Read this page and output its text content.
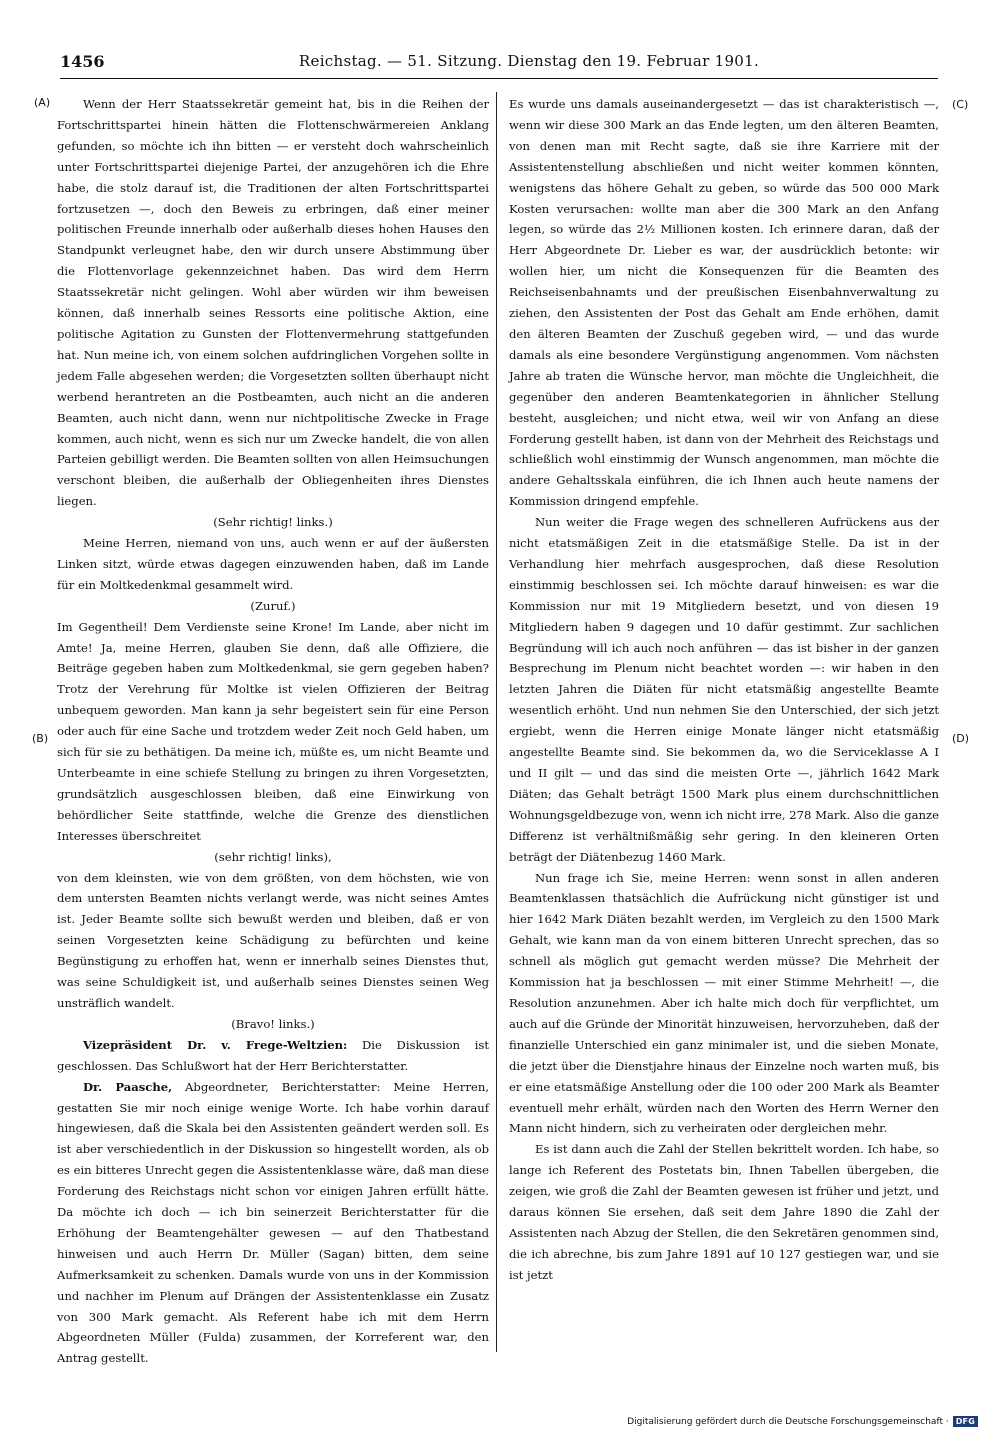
1456	Reichstag. — 51. Sitzung. Dienstag den 19. Februar 1901.
(A)
(B)
(C)
(D)

Wenn der Herr Staatssekretär gemeint hat, bis in die Reihen der Fortschrittspartei hinein hätten die Flottenschwärmereien Anklang gefunden, so möchte ich ihn bitten — er versteht doch wahrscheinlich unter Fortschrittspartei diejenige Partei, der anzugehören ich die Ehre habe, die stolz darauf ist, die Traditionen der alten Fortschrittspartei fortzusetzen —, doch den Beweis zu erbringen, daß einer meiner politischen Freunde innerhalb oder außerhalb dieses hohen Hauses den Standpunkt verleugnet habe, den wir durch unsere Abstimmung über die Flottenvorlage gekennzeichnet haben. Das wird dem Herrn Staatssekretär nicht gelingen. Wohl aber würden wir ihm beweisen können, daß innerhalb seines Ressorts eine politische Aktion, eine politische Agitation zu Gunsten der Flottenvermehrung stattgefunden hat. Nun meine ich, von einem solchen aufdringlichen Vorgehen sollte in jedem Falle abgesehen werden; die Vorgesetzten sollten überhaupt nicht werbend herantreten an die Postbeamten, auch nicht an die anderen Beamten, auch nicht dann, wenn nur nichtpolitische Zwecke in Frage kommen, auch nicht, wenn es sich nur um Zwecke handelt, die von allen Parteien gebilligt werden. Die Beamten sollten von allen Heimsuchungen verschont bleiben, die außerhalb der Obliegenheiten ihres Dienstes liegen.

(Sehr richtig! links.)

Meine Herren, niemand von uns, auch wenn er auf der äußersten Linken sitzt, würde etwas dagegen einzuwenden haben, daß im Lande für ein Moltkedenkmal gesammelt wird.

(Zuruf.)

Im Gegentheil! Dem Verdienste seine Krone! Im Lande, aber nicht im Amte! Ja, meine Herren, glauben Sie denn, daß alle Offiziere, die Beiträge gegeben haben zum Moltkedenkmal, sie gern gegeben haben? Trotz der Verehrung für Moltke ist vielen Offizieren der Beitrag unbequem geworden. Man kann ja sehr begeistert sein für eine Person oder auch für eine Sache und trotzdem weder Zeit noch Geld haben, um sich für sie zu bethätigen. Da meine ich, müßte es, um nicht Beamte und Unterbeamte in eine schiefe Stellung zu bringen zu ihren Vorgesetzten, grundsätzlich ausgeschlossen bleiben, daß eine Einwirkung von behördlicher Seite stattfinde, welche die Grenze des dienstlichen Interesses überschreitet

(sehr richtig! links),

von dem kleinsten, wie von dem größten, von dem höchsten, wie von dem untersten Beamten nichts verlangt werde, was nicht seines Amtes ist. Jeder Beamte sollte sich bewußt werden und bleiben, daß er von seinen Vorgesetzten keine Schädigung zu befürchten und keine Begünstigung zu erhoffen hat, wenn er innerhalb seines Dienstes thut, was seine Schuldigkeit ist, und außerhalb seines Dienstes seinen Weg unsträflich wandelt.

(Bravo! links.)

Vizepräsident Dr. v. Frege-Weltzien: Die Diskussion ist geschlossen. Das Schlußwort hat der Herr Berichterstatter.

Dr. Paasche, Abgeordneter, Berichterstatter: Meine Herren, gestatten Sie mir noch einige wenige Worte. Ich habe vorhin darauf hingewiesen, daß die Skala bei den Assistenten geändert werden soll. Es ist aber verschiedentlich in der Diskussion so hingestellt worden, als ob es ein bitteres Unrecht gegen die Assistentenklasse wäre, daß man diese Forderung des Reichstags nicht schon vor einigen Jahren erfüllt hätte. Da möchte ich doch — ich bin seinerzeit Berichterstatter für die Erhöhung der Beamtengehälter gewesen — auf den Thatbestand hinweisen und auch Herrn Dr. Müller (Sagan) bitten, dem seine Aufmerksamkeit zu schenken. Damals wurde von uns in der Kommission und nachher im Plenum auf Drängen der Assistentenklasse ein Zusatz von 300 Mark gemacht. Als Referent habe ich mit dem Herrn Abgeordneten Müller (Fulda) zusammen, der Korreferent war, den Antrag gestellt.

Es wurde uns damals auseinandergesetzt — das ist charakteristisch —, wenn wir diese 300 Mark an das Ende legten, um den älteren Beamten, von denen man mit Recht sagte, daß sie ihre Karriere mit der Assistentenstellung abschließen und nicht weiter kommen könnten, wenigstens das höhere Gehalt zu geben, so würde das 500 000 Mark Kosten verursachen: wollte man aber die 300 Mark an den Anfang legen, so würde das 2½ Millionen kosten. Ich erinnere daran, daß der Herr Abgeordnete Dr. Lieber es war, der ausdrücklich betonte: wir wollen hier, um nicht die Konsequenzen für die Beamten des Reichseisenbahnamts und der preußischen Eisenbahnverwaltung zu ziehen, den Assistenten der Post das Gehalt am Ende erhöhen, damit den älteren Beamten der Zuschuß gegeben wird, — und das wurde damals als eine besondere Vergünstigung angenommen. Vom nächsten Jahre ab traten die Wünsche hervor, man möchte die Ungleichheit, die gegenüber den anderen Beamtenkategorien in ähnlicher Stellung besteht, ausgleichen; und nicht etwa, weil wir von Anfang an diese Forderung gestellt haben, ist dann von der Mehrheit des Reichstags und schließlich wohl einstimmig der Wunsch angenommen, man möchte die andere Gehaltsskala einführen, die ich Ihnen auch heute namens der Kommission dringend empfehle.

Nun weiter die Frage wegen des schnelleren Aufrückens aus der nicht etatsmäßigen Zeit in die etatsmäßige Stelle. Da ist in der Verhandlung hier mehrfach ausgesprochen, daß diese Resolution einstimmig beschlossen sei. Ich möchte darauf hinweisen: es war die Kommission nur mit 19 Mitgliedern besetzt, und von diesen 19 Mitgliedern haben 9 dagegen und 10 dafür gestimmt. Zur sachlichen Begründung will ich auch noch anführen — das ist bisher in der ganzen Besprechung im Plenum nicht beachtet worden —: wir haben in den letzten Jahren die Diäten für nicht etatsmäßig angestellte Beamte wesentlich erhöht. Und nun nehmen Sie den Unterschied, der sich jetzt ergiebt, wenn die Herren einige Monate länger nicht etatsmäßig angestellte Beamte sind. Sie bekommen da, wo die Serviceklasse A I und II gilt — und das sind die meisten Orte —, jährlich 1642 Mark Diäten; das Gehalt beträgt 1500 Mark plus einem durchschnittlichen Wohnungsgeldbezuge von, wenn ich nicht irre, 278 Mark. Also die ganze Differenz ist verhältnißmäßig sehr gering. In den kleineren Orten beträgt der Diätenbezug 1460 Mark.

Nun frage ich Sie, meine Herren: wenn sonst in allen anderen Beamtenklassen thatsächlich die Aufrückung nicht günstiger ist und hier 1642 Mark Diäten bezahlt werden, im Vergleich zu den 1500 Mark Gehalt, wie kann man da von einem bitteren Unrecht sprechen, das so schnell als möglich gut gemacht werden müsse? Die Mehrheit der Kommission hat ja beschlossen — mit einer Stimme Mehrheit! —, die Resolution anzunehmen. Aber ich halte mich doch für verpflichtet, um auch auf die Gründe der Minorität hinzuweisen, hervorzuheben, daß der finanzielle Unterschied ein ganz minimaler ist, und die sieben Monate, die jetzt über die Dienstjahre hinaus der Einzelne noch warten muß, bis er eine etatsmäßige Anstellung oder die 100 oder 200 Mark als Beamter eventuell mehr erhält, würden nach den Worten des Herrn Werner den Mann nicht hindern, sich zu verheiraten oder dergleichen mehr.

Es ist dann auch die Zahl der Stellen bekrittelt worden. Ich habe, so lange ich Referent des Postetats bin, Ihnen Tabellen übergeben, die zeigen, wie groß die Zahl der Beamten gewesen ist früher und jetzt, und daraus können Sie ersehen, daß seit dem Jahre 1890 die Zahl der Assistenten nach Abzug der Stellen, die den Sekretären genommen sind, die ich abrechne, bis zum Jahre 1891 auf 10 127 gestiegen war, und sie ist jetzt

Digitalisierung gefördert durch die Deutsche Forschungsgemeinschaft · DFG
